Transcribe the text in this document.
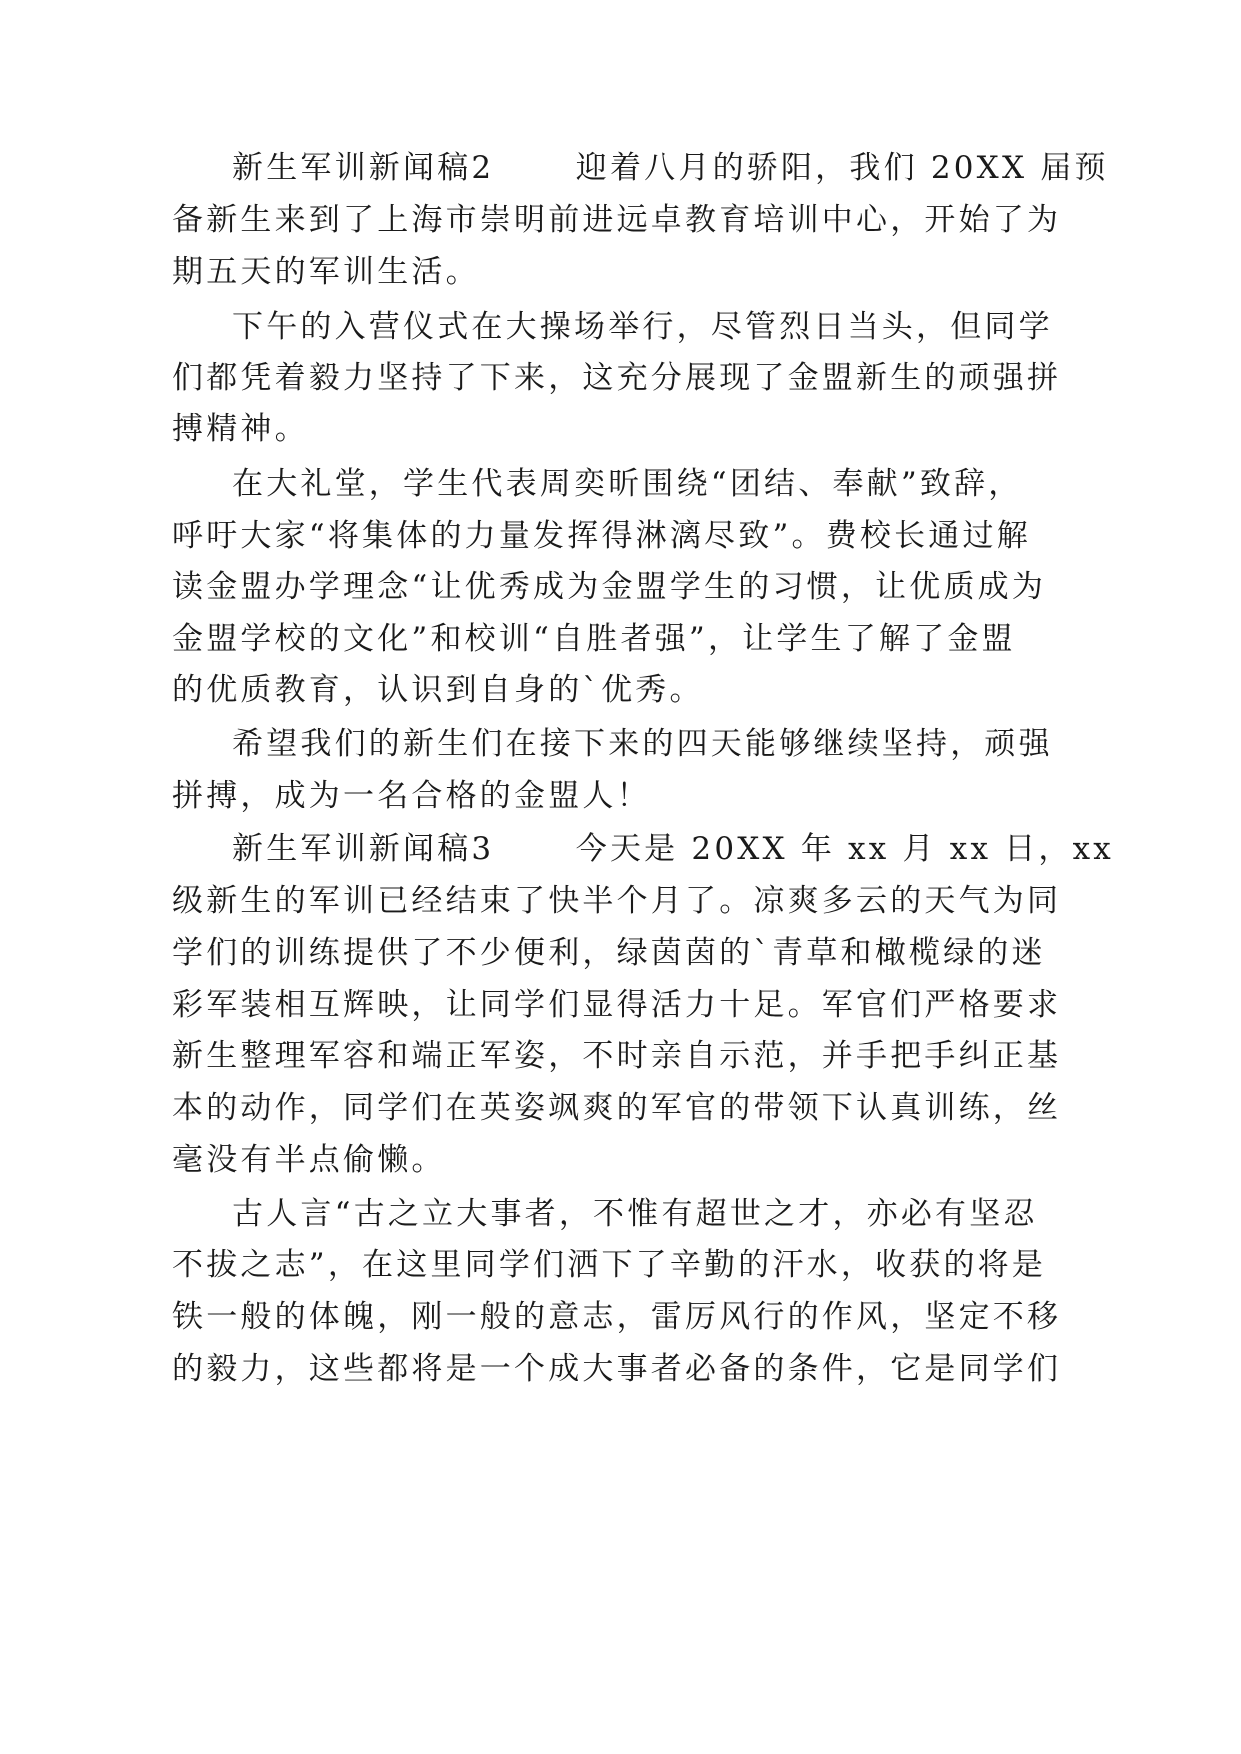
新生军训新闻稿2　　 迎着八月的骄阳，我们 20XX 届预
备新生来到了上海市崇明前进远卓教育培训中心，开始了为
期五天的军训生活。
下午的入营仪式在大操场举行，尽管烈日当头，但同学
们都凭着毅力坚持了下来，这充分展现了金盟新生的顽强拼
搏精神。
在大礼堂，学生代表周奕昕围绕“团结、奉献”致辞，
呼吁大家“将集体的力量发挥得淋漓尽致”。费校长通过解
读金盟办学理念“让优秀成为金盟学生的习惯，让优质成为
金盟学校的文化”和校训“自胜者强”，让学生了解了金盟
的优质教育，认识到自身的`优秀。
希望我们的新生们在接下来的四天能够继续坚持，顽强
拼搏，成为一名合格的金盟人！
新生军训新闻稿3　　 今天是 20XX 年 xx 月 xx 日，xx
级新生的军训已经结束了快半个月了。凉爽多云的天气为同
学们的训练提供了不少便利，绿茵茵的`青草和橄榄绿的迷
彩军装相互辉映，让同学们显得活力十足。军官们严格要求
新生整理军容和端正军姿，不时亲自示范，并手把手纠正基
本的动作，同学们在英姿飒爽的军官的带领下认真训练，丝
毫没有半点偷懒。
古人言“古之立大事者，不惟有超世之才，亦必有坚忍
不拔之志”，在这里同学们洒下了辛勤的汗水，收获的将是
铁一般的体魄，刚一般的意志，雷厉风行的作风，坚定不移
的毅力，这些都将是一个成大事者必备的条件，它是同学们
